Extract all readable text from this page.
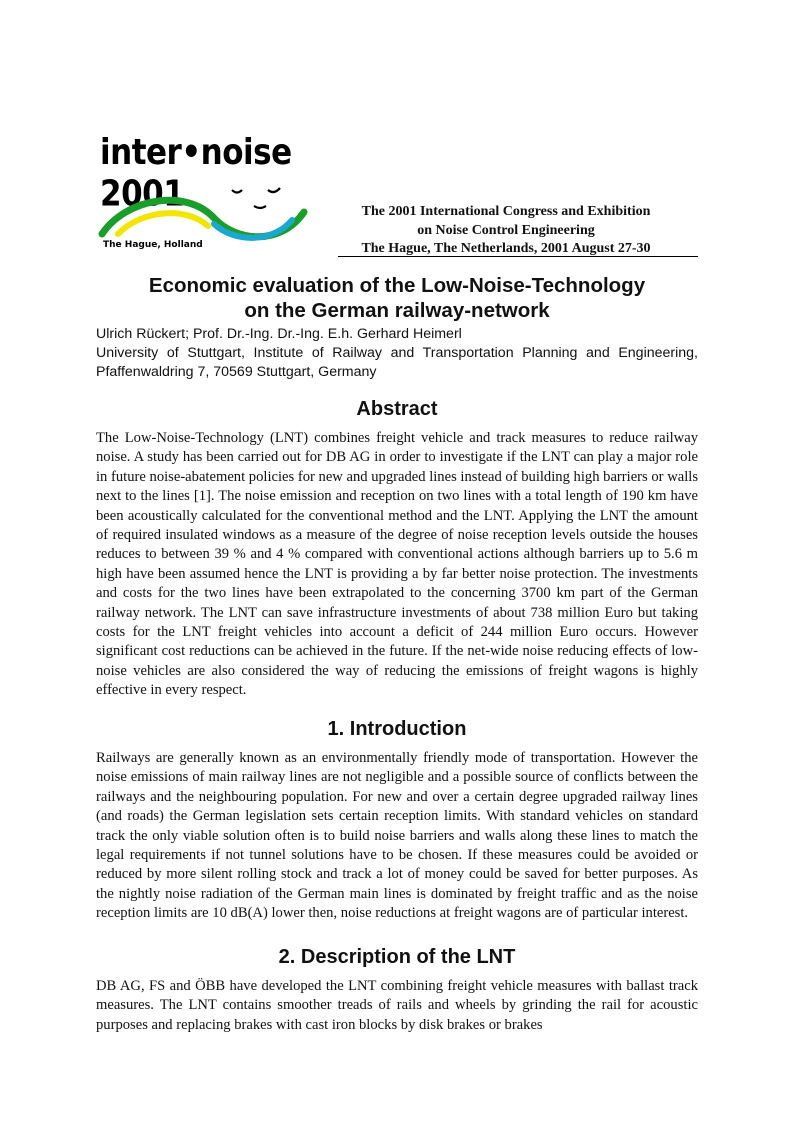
inter•noise 2001
The Hague, Holland
The 2001 International Congress and Exhibition
on Noise Control Engineering
The Hague, The Netherlands, 2001 August 27-30
Economic evaluation of the Low-Noise-Technology
on the German railway-network
Ulrich Rückert; Prof. Dr.-Ing. Dr.-Ing. E.h. Gerhard Heimerl
University of Stuttgart, Institute of Railway and Transportation Planning and Engineering, Pfaffenwaldring 7, 70569 Stuttgart, Germany
Abstract

The Low-Noise-Technology (LNT) combines freight vehicle and track measures to reduce railway noise. A study has been carried out for DB AG in order to investigate if the LNT can play a major role in future noise-abatement policies for new and upgraded lines instead of building high barriers or walls next to the lines [1]. The noise emission and reception on two lines with a total length of 190 km have been acoustically calculated for the conventional method and the LNT. Applying the LNT the amount of required insulated windows as a measure of the degree of noise reception levels outside the houses reduces to between 39 % and 4 % compared with conventional actions although barriers up to 5.6 m high have been assumed hence the LNT is providing a by far better noise protection. The investments and costs for the two lines have been extrapolated to the concerning 3700 km part of the German railway network. The LNT can save infrastructure investments of about 738 million Euro but taking costs for the LNT freight vehicles into account a deficit of 244 million Euro occurs. However significant cost reductions can be achieved in the future. If the net-wide noise reducing effects of low-noise vehicles are also considered the way of reducing the emissions of freight wagons is highly effective in every respect.

1. Introduction

Railways are generally known as an environmentally friendly mode of transportation. However the noise emissions of main railway lines are not negligible and a possible source of conflicts between the railways and the neighbouring population. For new and over a certain degree upgraded railway lines (and roads) the German legislation sets certain reception limits. With standard vehicles on standard track the only viable solution often is to build noise barriers and walls along these lines to match the legal requirements if not tunnel solutions have to be chosen. If these measures could be avoided or reduced by more silent rolling stock and track a lot of money could be saved for better purposes. As the nightly noise radiation of the German main lines is dominated by freight traffic and as the noise reception limits are 10 dB(A) lower then, noise reductions at freight wagons are of particular interest.

2. Description of the LNT

DB AG, FS and ÖBB have developed the LNT combining freight vehicle measures with ballast track measures. The LNT contains smoother treads of rails and wheels by grinding the rail for acoustic purposes and replacing brakes with cast iron blocks by disk brakes or brakes
